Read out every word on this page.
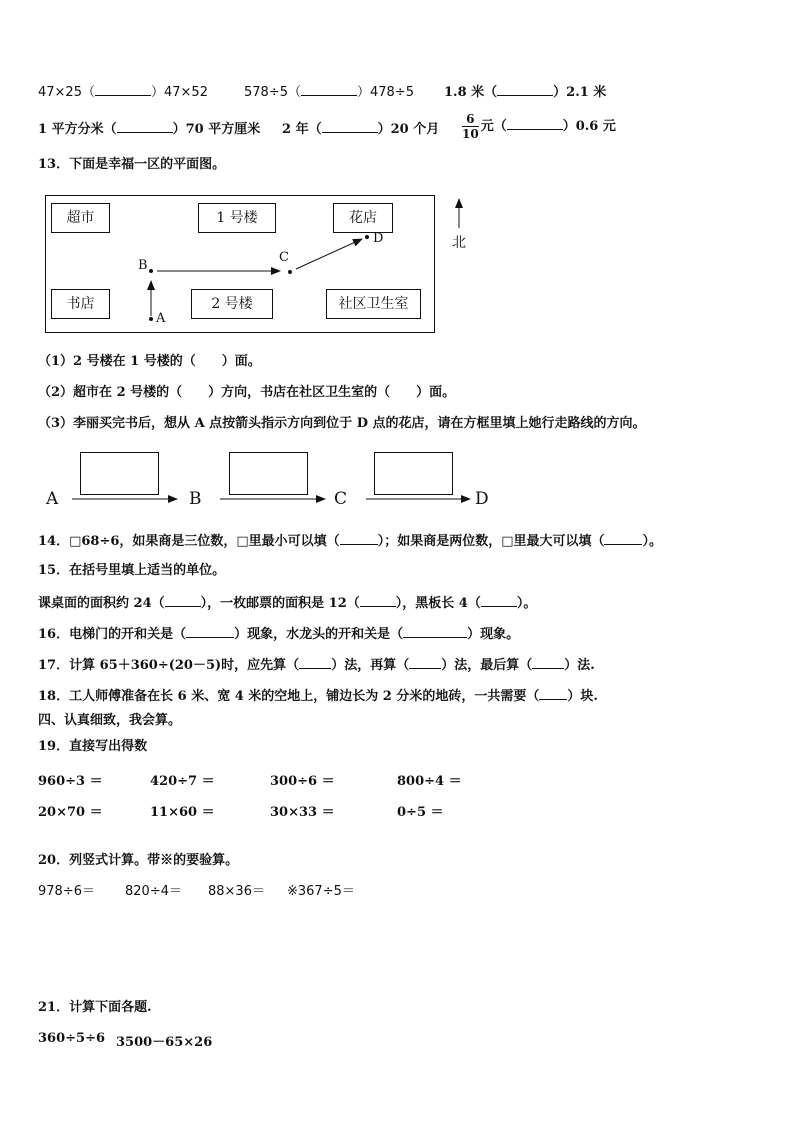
47×25（	）47×52	578÷5（	）478÷5 1.8 米（	）2.1 米
1 平方分米（	）70 平方厘米 2 年（	）20 个月 $\frac{6}{10}$ 元（	）0.6 元
13．下面是幸福一区的平面图。
超市	1 号楼	花店
书店	2 号楼	社区卫生室
B
A
C
D	北
（1）2 号楼在 1 号楼的（　　）面。
（2）超市在 2 号楼的（　　）方向，书店在社区卫生室的（　　）面。
（3）李丽买完书后，想从 A 点按箭头指示方向到位于 D 点的花店，请在方框里填上她行走路线的方向。
A	B	C	D
14．□68÷6，如果商是三位数，□里最小可以填（	）；如果商是两位数，□里最大可以填（	）。
15．在括号里填上适当的单位。
课桌面的面积约 24（	），一枚邮票的面积是 12（	），黑板长 4（	）。
16．电梯门的开和关是（	）现象，水龙头的开和关是（	）现象。
17．计算 65＋360÷(20－5)时，应先算（ ）法，再算（ ）法，最后算（ ）法.
18．工人师傅准备在长 6 米、宽 4 米的空地上，铺边长为 2 分米的地砖，一共需要（ ）块.
四、认真细致，我会算。
19．直接写出得数
960÷3 ＝	420÷7 ＝	300÷6 ＝	800÷4 ＝
20×70 ＝	11×60 ＝	30×33 ＝	0÷5 ＝
20．列竖式计算。带※的要验算。
978÷6＝ 820÷4＝ 88×36＝ ※367÷5＝
21．计算下面各题.
360÷5÷6 3500－65×26
